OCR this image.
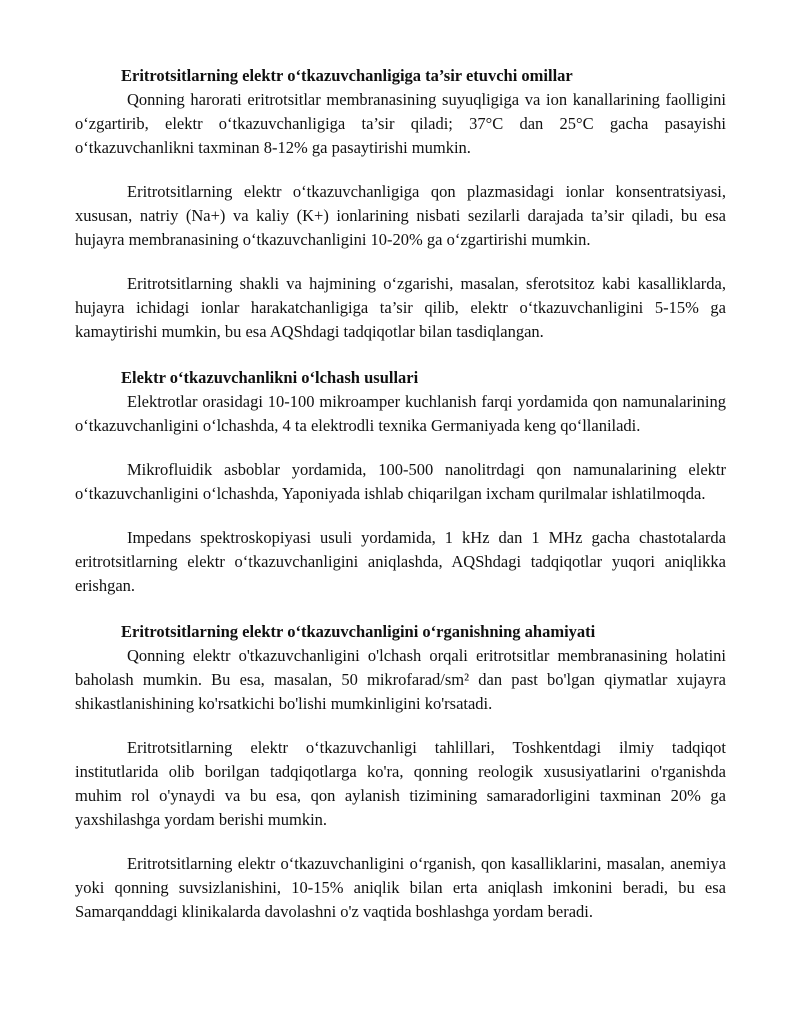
Eritrotsitlarning elektr o‘tkazuvchanligiga ta’sir etuvchi omillar

Qonning harorati eritrotsitlar membranasining suyuqligiga va ion kanallarining faolligini o‘zgartirib, elektr o‘tkazuvchanligiga ta’sir qiladi; 37°C dan 25°C gacha pasayishi o‘tkazuvchanlikni taxminan 8-12% ga pasaytirishi mumkin.

Eritrotsitlarning elektr o‘tkazuvchanligiga qon plazmasidagi ionlar konsentratsiyasi, xususan, natriy (Na+) va kaliy (K+) ionlarining nisbati sezilarli darajada ta’sir qiladi, bu esa hujayra membranasining o‘tkazuvchanligini 10-20% ga o‘zgartirishi mumkin.

Eritrotsitlarning shakli va hajmining o‘zgarishi, masalan, sferotsitoz kabi kasalliklarda, hujayra ichidagi ionlar harakatchanligiga ta’sir qilib, elektr o‘tkazuvchanligini 5-15% ga kamaytirishi mumkin, bu esa AQShdagi tadqiqotlar bilan tasdiqlangan.

Elektr o‘tkazuvchanlikni o‘lchash usullari

Elektrotlar orasidagi 10-100 mikroamper kuchlanish farqi yordamida qon namunalarining o‘tkazuvchanligini o‘lchashda, 4 ta elektrodli texnika Germaniyada keng qo‘llaniladi.

Mikrofluidik asboblar yordamida, 100-500 nanolitrdagi qon namunalarining elektr o‘tkazuvchanligini o‘lchashda, Yaponiyada ishlab chiqarilgan ixcham qurilmalar ishlatilmoqda.

Impedans spektroskopiyasi usuli yordamida, 1 kHz dan 1 MHz gacha chastotalarda eritrotsitlarning elektr o‘tkazuvchanligini aniqlashda, AQShdagi tadqiqotlar yuqori aniqlikka erishgan.

Eritrotsitlarning elektr o‘tkazuvchanligini o‘rganishning ahamiyati

Qonning elektr o'tkazuvchanligini o'lchash orqali eritrotsitlar membranasining holatini baholash mumkin. Bu esa, masalan, 50 mikrofarad/sm² dan past bo'lgan qiymatlar xujayra shikastlanishining ko'rsatkichi bo'lishi mumkinligini ko'rsatadi.

Eritrotsitlarning elektr o‘tkazuvchanligi tahlillari, Toshkentdagi ilmiy tadqiqot institutlarida olib borilgan tadqiqotlarga ko'ra, qonning reologik xususiyatlarini o'rganishda muhim rol o'ynaydi va bu esa, qon aylanish tizimining samaradorligini taxminan 20% ga yaxshilashga yordam berishi mumkin.

Eritrotsitlarning elektr o‘tkazuvchanligini o‘rganish, qon kasalliklarini, masalan, anemiya yoki qonning suvsizlanishini, 10-15% aniqlik bilan erta aniqlash imkonini beradi, bu esa Samarqanddagi klinikalarda davolashni o'z vaqtida boshlashga yordam beradi.
